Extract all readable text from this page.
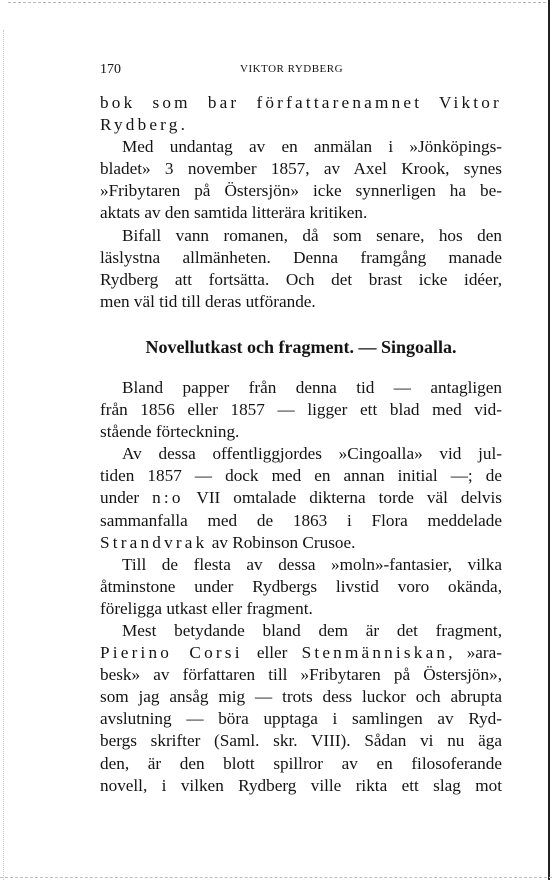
170	VIKTOR RYDBERG
bok som bar författarenamnet Viktor
Rydberg.
Med undantag av en anmälan i »Jönköpings-
bladet» 3 november 1857, av Axel Krook, synes
»Fribytaren på Östersjön» icke synnerligen ha be-
aktats av den samtida litterära kritiken.
Bifall vann romanen, då som senare, hos den
läslystna allmänheten. Denna framgång manade
Rydberg att fortsätta. Och det brast icke idéer,
men väl tid till deras utförande.
Novellutkast och fragment. — Singoalla.
Bland papper från denna tid — antagligen
från 1856 eller 1857 — ligger ett blad med vid-
stående förteckning.
Av dessa offentliggjordes »Cingoalla» vid jul-
tiden 1857 — dock med en annan initial —; de
under n:o VII omtalade dikterna torde väl delvis
sammanfalla med de 1863 i Flora meddelade
Strandvrak av Robinson Crusoe.
Till de flesta av dessa »moln»-fantasier, vilka
åtminstone under Rydbergs livstid voro okända,
föreligga utkast eller fragment.
Mest betydande bland dem är det fragment,
Pierino Corsi eller Stenmänniskan, »ara-
besk» av författaren till »Fribytaren på Östersjön»,
som jag ansåg mig — trots dess luckor och abrupta
avslutning — böra upptaga i samlingen av Ryd-
bergs skrifter (Saml. skr. VIII). Sådan vi nu äga
den, är den blott spillror av en filosoferande
novell, i vilken Rydberg ville rikta ett slag mot
